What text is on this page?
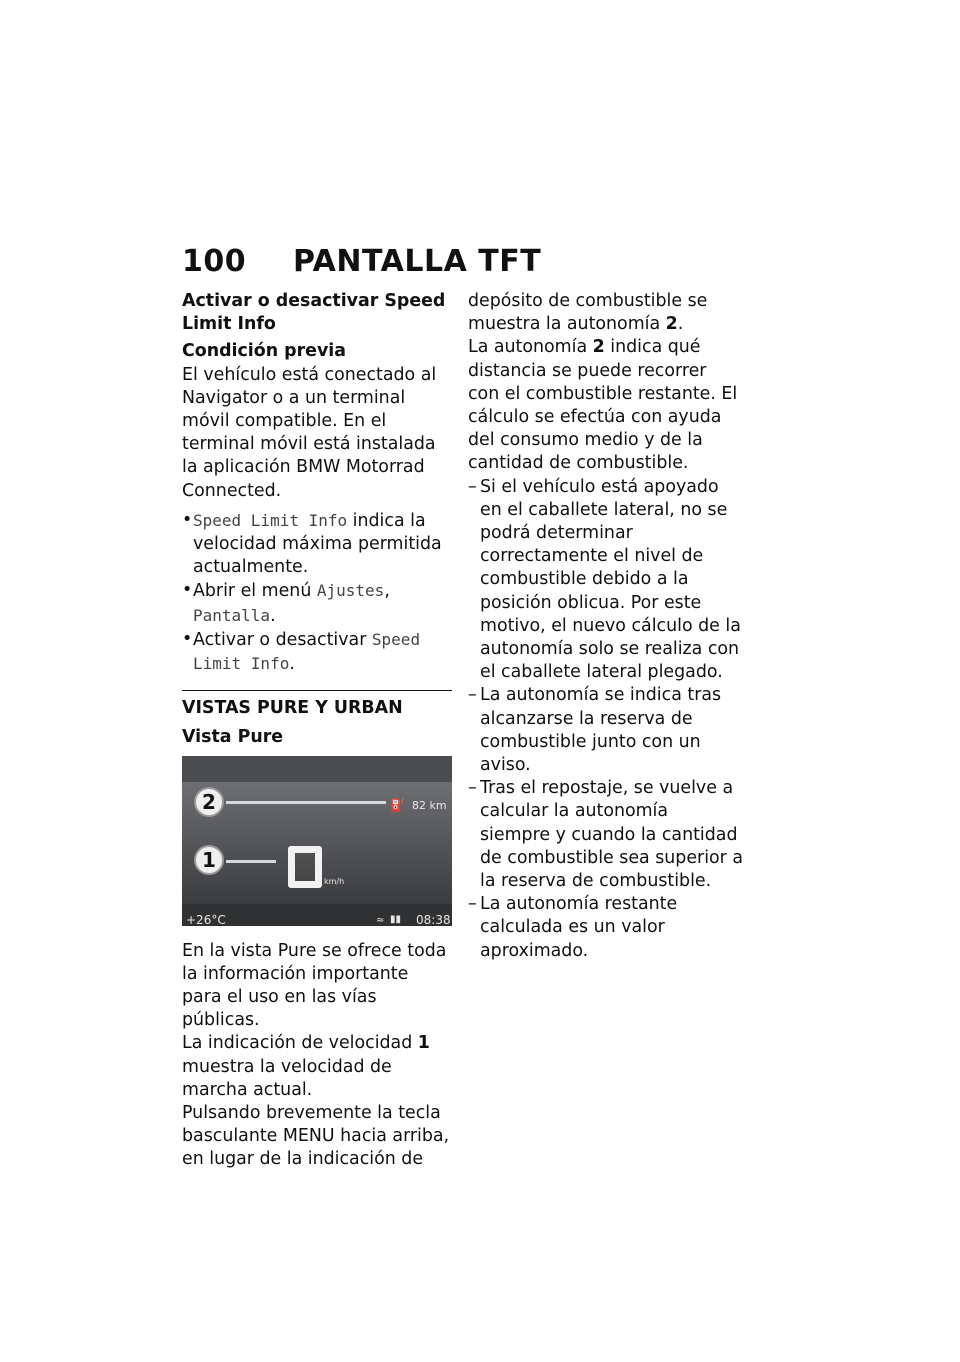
100 PANTALLA TFT

Activar o desactivar Speed Limit Info

Condición previa

El vehículo está conectado al Navigator o a un terminal móvil compatible. En el terminal móvil está instalada la aplicación BMW Motorrad Connected.

• Speed Limit Info indica la velocidad máxima permitida actualmente.
• Abrir el menú Ajustes, Pantalla.
• Activar o desactivar Speed Limit Info.

VISTAS PURE Y URBAN

Vista Pure

⛽ 82 km
2
1
km/h
+26°C	≈ ▮▮ 08:38

En la vista Pure se ofrece toda la información importante para el uso en las vías públicas.

La indicación de velocidad 1 muestra la velocidad de marcha actual.

Pulsando brevemente la tecla basculante MENU hacia arriba, en lugar de la indicación de

depósito de combustible se muestra la autonomía 2.

La autonomía 2 indica qué distancia se puede recorrer con el combustible restante. El cálculo se efectúa con ayuda del consumo medio y de la cantidad de combustible.

– Si el vehículo está apoyado en el caballete lateral, no se podrá determinar correctamente el nivel de combustible debido a la posición oblicua. Por este motivo, el nuevo cálculo de la autonomía solo se realiza con el caballete lateral plegado.
– La autonomía se indica tras alcanzarse la reserva de combustible junto con un aviso.
– Tras el repostaje, se vuelve a calcular la autonomía siempre y cuando la cantidad de combustible sea superior a la reserva de combustible.
– La autonomía restante calculada es un valor aproximado.
